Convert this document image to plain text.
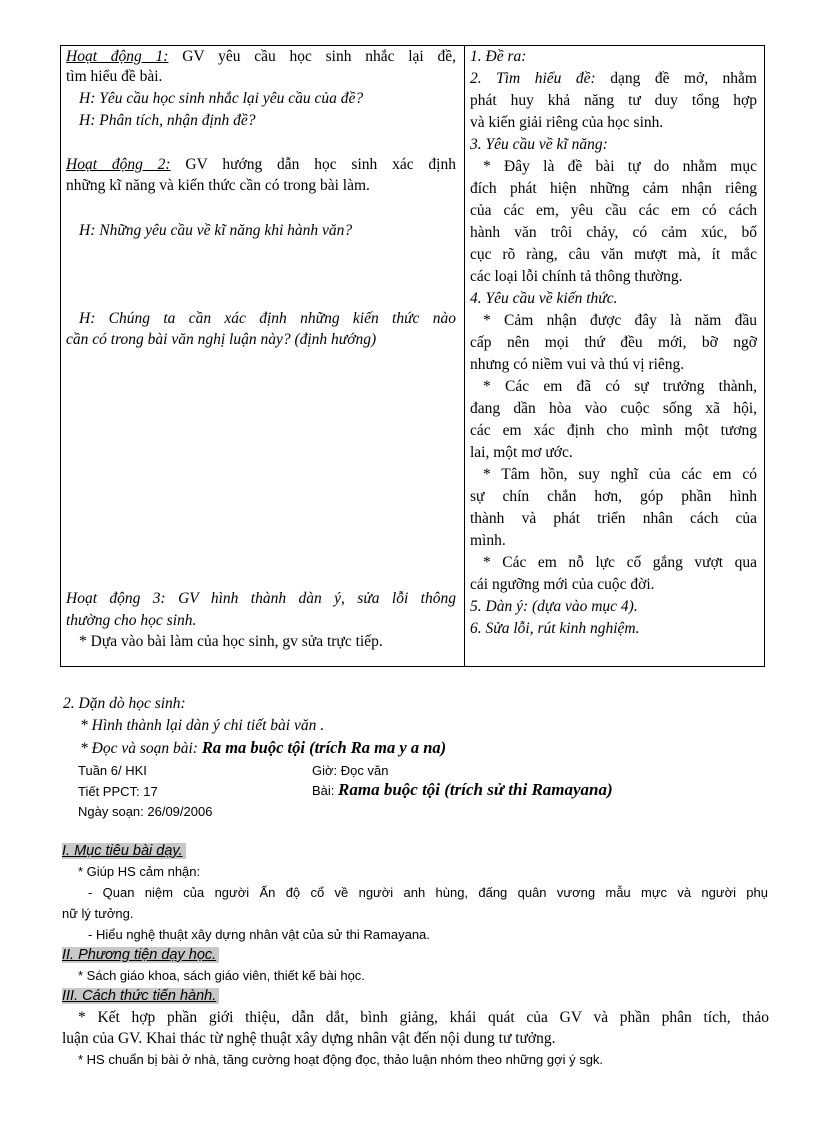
Hoạt động 1: GV yêu cầu học sinh nhắc lại đề,
tìm hiểu đề bài.
H: Yêu cầu học sinh nhắc lại yêu cầu của đề?
H: Phân tích, nhận định đề?
Hoạt động 2: GV hướng dẫn học sinh xác định
những kĩ năng và kiến thức cần có trong bài làm.
H: Những yêu cầu về kĩ năng khi hành văn?
H: Chúng ta cần xác định những kiến thức nào
cần có trong bài văn nghị luận này? (định hướng)
Hoạt động 3: GV hình thành dàn ý, sửa lỗi thông
thường cho học sinh.
* Dựa vào bài làm của học sinh, gv sửa trực tiếp.
1. Đề ra:
2. Tìm hiểu đề: dạng đề mở, nhằm
phát huy khả năng tư duy tổng hợp
và kiến giải riêng của học sinh.
3. Yêu cầu về kĩ năng:
* Đây là đề bài tự do nhằm mục
đích phát hiện những cảm nhận riêng
của các em, yêu cầu các em có cách
hành văn trôi chảy, có cảm xúc, bố
cục rõ ràng, câu văn mượt mà, ít mắc
các loại lỗi chính tả thông thường.
4. Yêu cầu về kiến thức.
* Cảm nhận được đây là năm đầu
cấp nên mọi thứ đều mới, bỡ ngỡ
nhưng có niềm vui và thú vị riêng.
* Các em đã có sự trưởng thành,
đang dần hòa vào cuộc sống xã hội,
các em xác định cho mình một tương
lai, một mơ ước.
* Tâm hồn, suy nghĩ của các em có
sự chín chắn hơn, góp phần hình
thành và phát triển nhân cách của
mình.
* Các em nỗ lực cố gắng vượt qua
cái ngưỡng mới của cuộc đời.
5. Dàn ý: (dựa vào mục 4).
6. Sửa lỗi, rút kinh nghiệm.
2. Dặn dò học sinh:
* Hình thành lại dàn ý chi tiết bài văn .
* Đọc và soạn bài: Ra ma buộc tội (trích Ra ma y a na)
Tuần 6/ HKI
Tiết PPCT: 17
Ngày soạn: 26/09/2006
Giờ: Đọc văn
Bài: Rama buộc tội (trích sử thi Ramayana)
I. Mục tiêu bài dạy.
* Giúp HS cảm nhận:
- Quan niệm của người Ấn độ cổ về người anh hùng, đấng quân vương mẫu mực và người phụ
nữ lý tưởng.
- Hiểu nghệ thuật xây dựng nhân vật của sử thi Ramayana.
II. Phương tiện dạy học.
* Sách giáo khoa, sách giáo viên, thiết kế bài học.
III. Cách thức tiến hành.
* Kết hợp phần giới thiệu, dẫn dắt, bình giảng, khái quát của GV và phần phân tích, thảo
luận của GV. Khai thác từ nghệ thuật xây dựng nhân vật đến nội dung tư tưởng.
* HS chuẩn bị bài ở nhà, tăng cường hoạt động đọc, thảo luận nhóm theo những gợi ý sgk.
